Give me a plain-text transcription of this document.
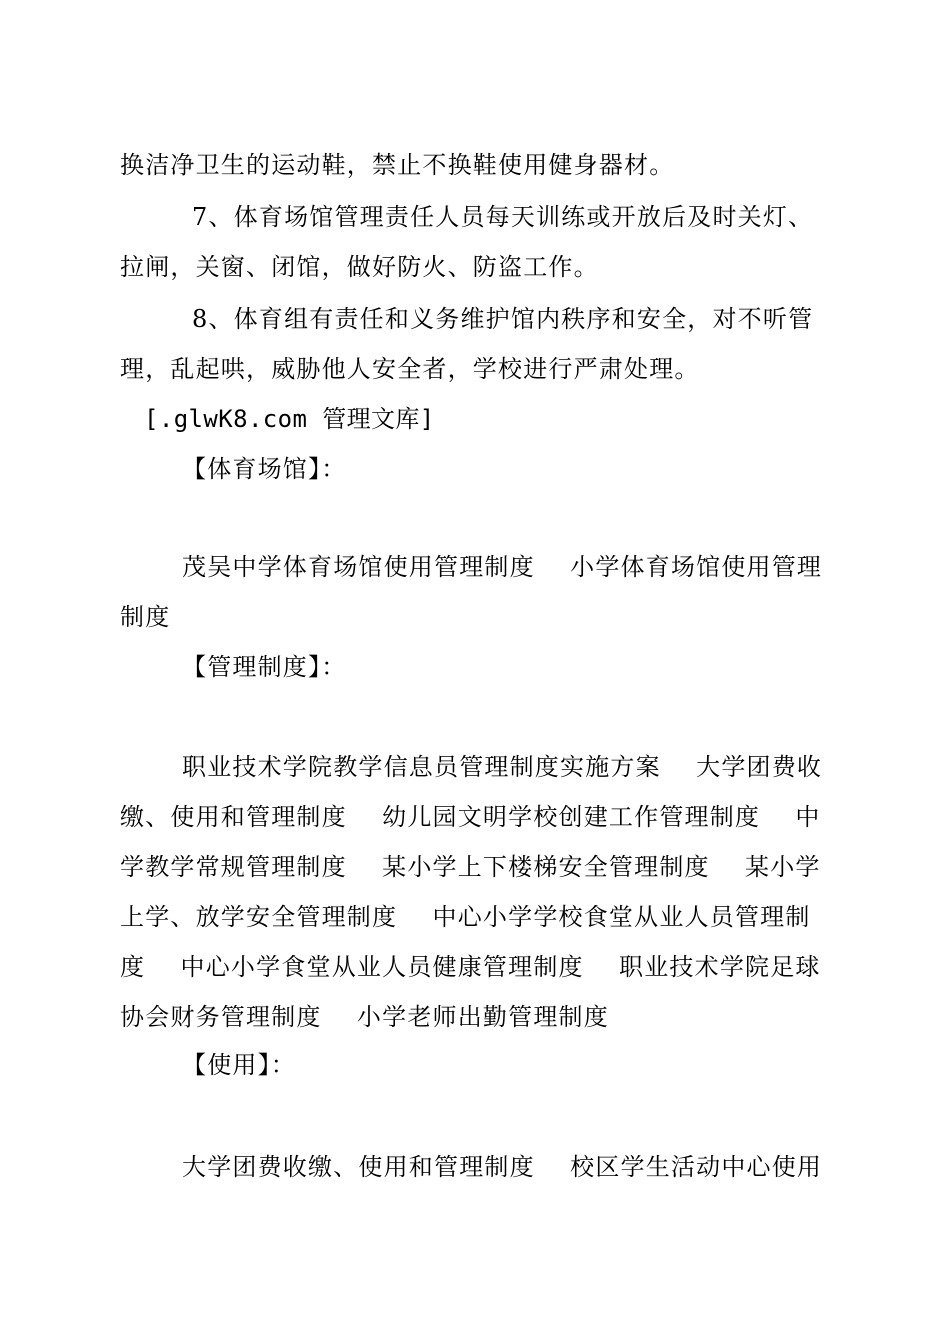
换洁净卫生的运动鞋，禁止不换鞋使用健身器材。
7、体育场馆管理责任人员每天训练或开放后及时关灯、
拉闸，关窗、闭馆，做好防火、防盗工作。
8、体育组有责任和义务维护馆内秩序和安全，对不听管
理，乱起哄，威胁他人安全者，学校进行严肃处理。
[.glwK8.com 管理文库]
【体育场馆】：
茂吴中学体育场馆使用管理制度    小学体育场馆使用管理
制度
【管理制度】：
职业技术学院教学信息员管理制度实施方案    大学团费收
缴、使用和管理制度    幼儿园文明学校创建工作管理制度    中
学教学常规管理制度    某小学上下楼梯安全管理制度    某小学
上学、放学安全管理制度    中心小学学校食堂从业人员管理制
度    中心小学食堂从业人员健康管理制度    职业技术学院足球
协会财务管理制度    小学老师出勤管理制度
【使用】：
大学团费收缴、使用和管理制度    校区学生活动中心使用
